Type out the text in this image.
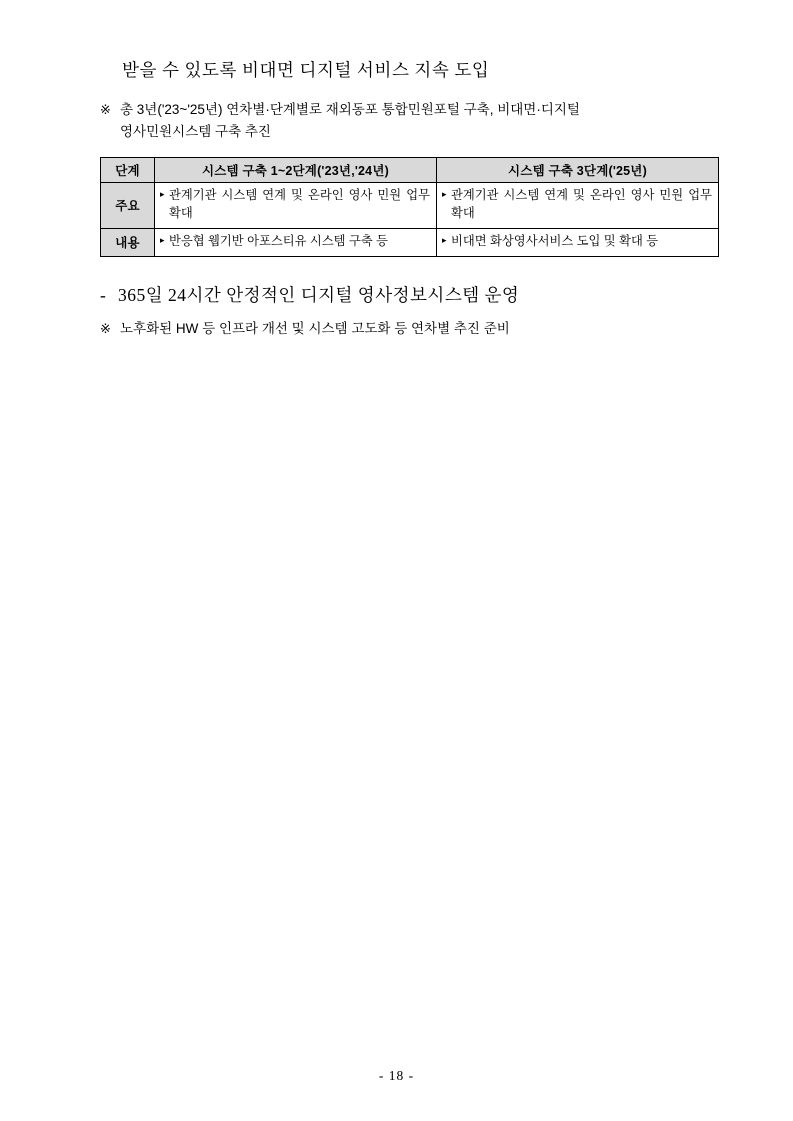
받을 수 있도록 비대면 디지털 서비스 지속 도입

※ 총 3년('23~'25년) 연차별·단계별로 재외동포 통합민원포털 구축, 비대면·디지털
영사민원시스템 구축 추진
단계	시스템 구축 1~2단계('23년,'24년)	시스템 구축 3단계('25년)
주요	▸ 관계기관 시스템 연계 및 온라인 영사 민원 업무 확대	▸ 관계기관 시스템 연계 및 온라인 영사 민원 업무 확대
내용	▸ 반응협 웹기반 아포스티유 시스템 구축 등	▸ 비대면 화상영사서비스 도입 및 확대 등
- 365일 24시간 안정적인 디지털 영사정보시스템 운영
※ 노후화된 HW 등 인프라 개선 및 시스템 고도화 등 연차별 추진 준비
- 18 -
